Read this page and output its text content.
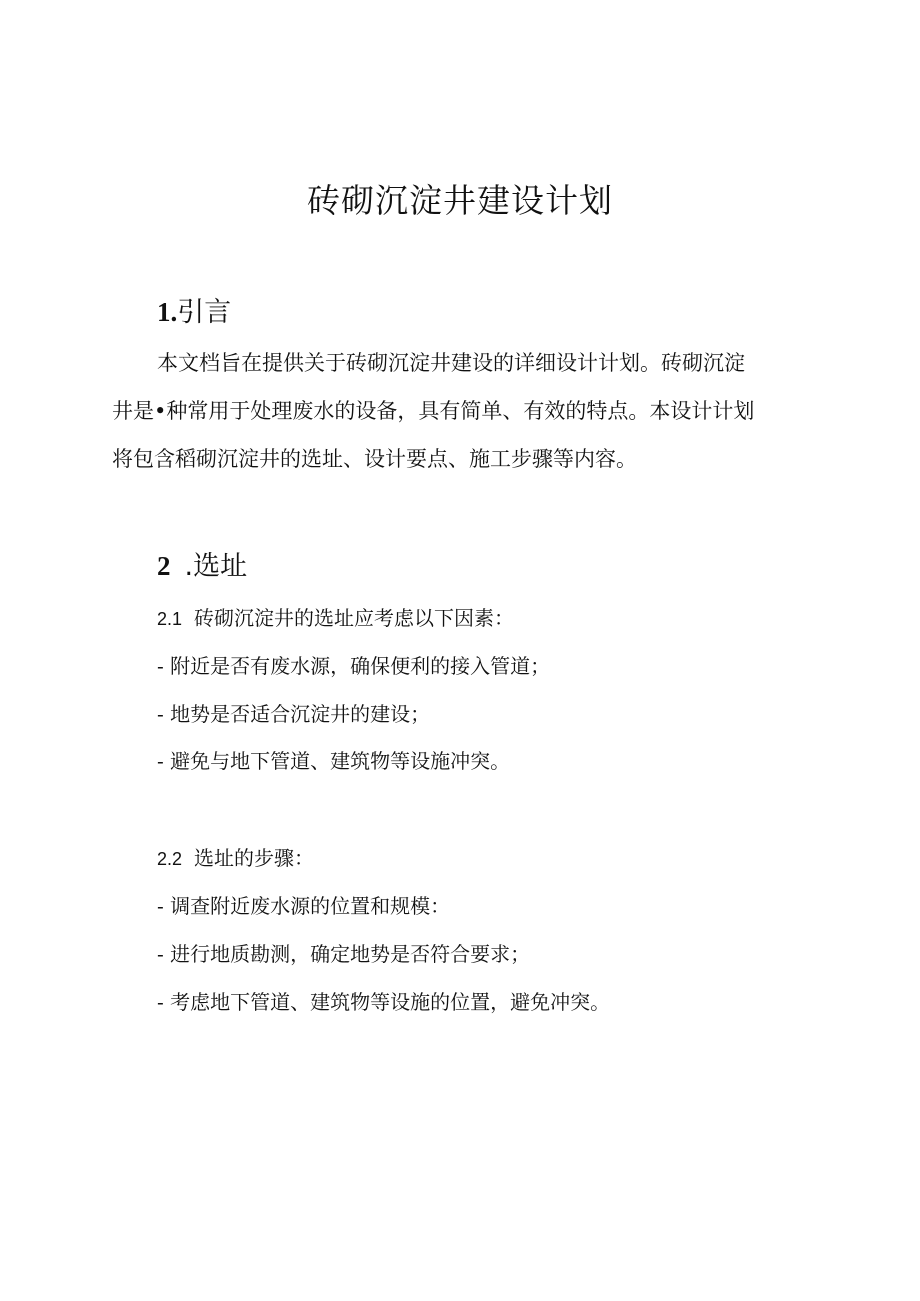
砖砌沉淀井建设计划
1.引言

本文档旨在提供关于砖砌沉淀井建设的详细设计计划。砖砌沉淀

井是•种常用于处理废水的设备，具有简单、有效的特点。本设计计划

将包含稻砌沉淀井的选址、设计要点、施工步骤等内容。

2 .选址

2.1 砖砌沉淀井的选址应考虑以下因素：

- 附近是否有废水源，确保便利的接入管道；

- 地势是否适合沉淀井的建设；

- 避免与地下管道、建筑物等设施冲突。

2.2 选址的步骤：

- 调查附近废水源的位置和规模：

- 进行地质勘测，确定地势是否符合要求；

- 考虑地下管道、建筑物等设施的位置，避免冲突。
